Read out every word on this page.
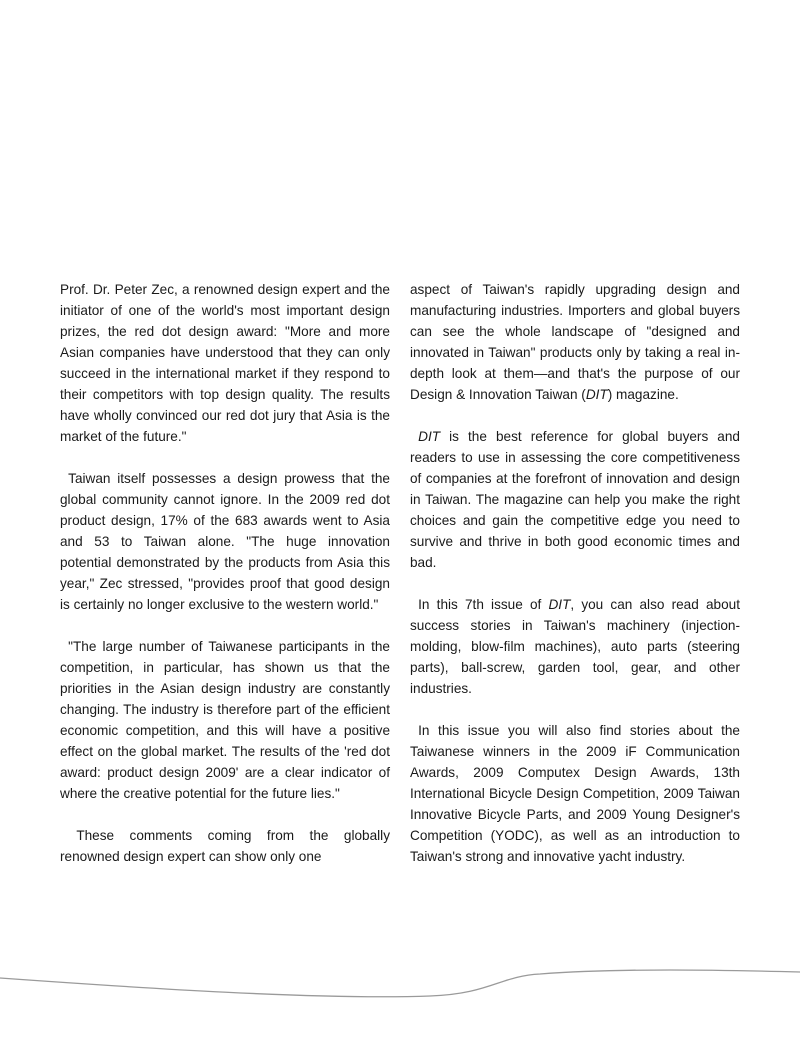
Prof. Dr. Peter Zec, a renowned design expert and the initiator of one of the world's most important design prizes, the red dot design award: "More and more Asian companies have understood that they can only succeed in the international market if they respond to their competitors with top design quality. The results have wholly convinced our red dot jury that Asia is the market of the future."

Taiwan itself possesses a design prowess that the global community cannot ignore. In the 2009 red dot product design, 17% of the 683 awards went to Asia and 53 to Taiwan alone. "The huge innovation potential demonstrated by the products from Asia this year," Zec stressed, "provides proof that good design is certainly no longer exclusive to the western world."

"The large number of Taiwanese participants in the competition, in particular, has shown us that the priorities in the Asian design industry are constantly changing. The industry is therefore part of the efficient economic competition, and this will have a positive effect on the global market. The results of the 'red dot award: product design 2009' are a clear indicator of where the creative potential for the future lies."

These comments coming from the globally renowned design expert can show only one

aspect of Taiwan's rapidly upgrading design and manufacturing industries. Importers and global buyers can see the whole landscape of "designed and innovated in Taiwan" products only by taking a real in-depth look at them—and that's the purpose of our Design & Innovation Taiwan (DIT) magazine.

DIT is the best reference for global buyers and readers to use in assessing the core competitiveness of companies at the forefront of innovation and design in Taiwan. The magazine can help you make the right choices and gain the competitive edge you need to survive and thrive in both good economic times and bad.

In this 7th issue of DIT, you can also read about success stories in Taiwan's machinery (injection-molding, blow-film machines), auto parts (steering parts), ball-screw, garden tool, gear, and other industries.

In this issue you will also find stories about the Taiwanese winners in the 2009 iF Communication Awards, 2009 Computex Design Awards, 13th International Bicycle Design Competition, 2009 Taiwan Innovative Bicycle Parts, and 2009 Young Designer's Competition (YODC), as well as an introduction to Taiwan's strong and innovative yacht industry.
